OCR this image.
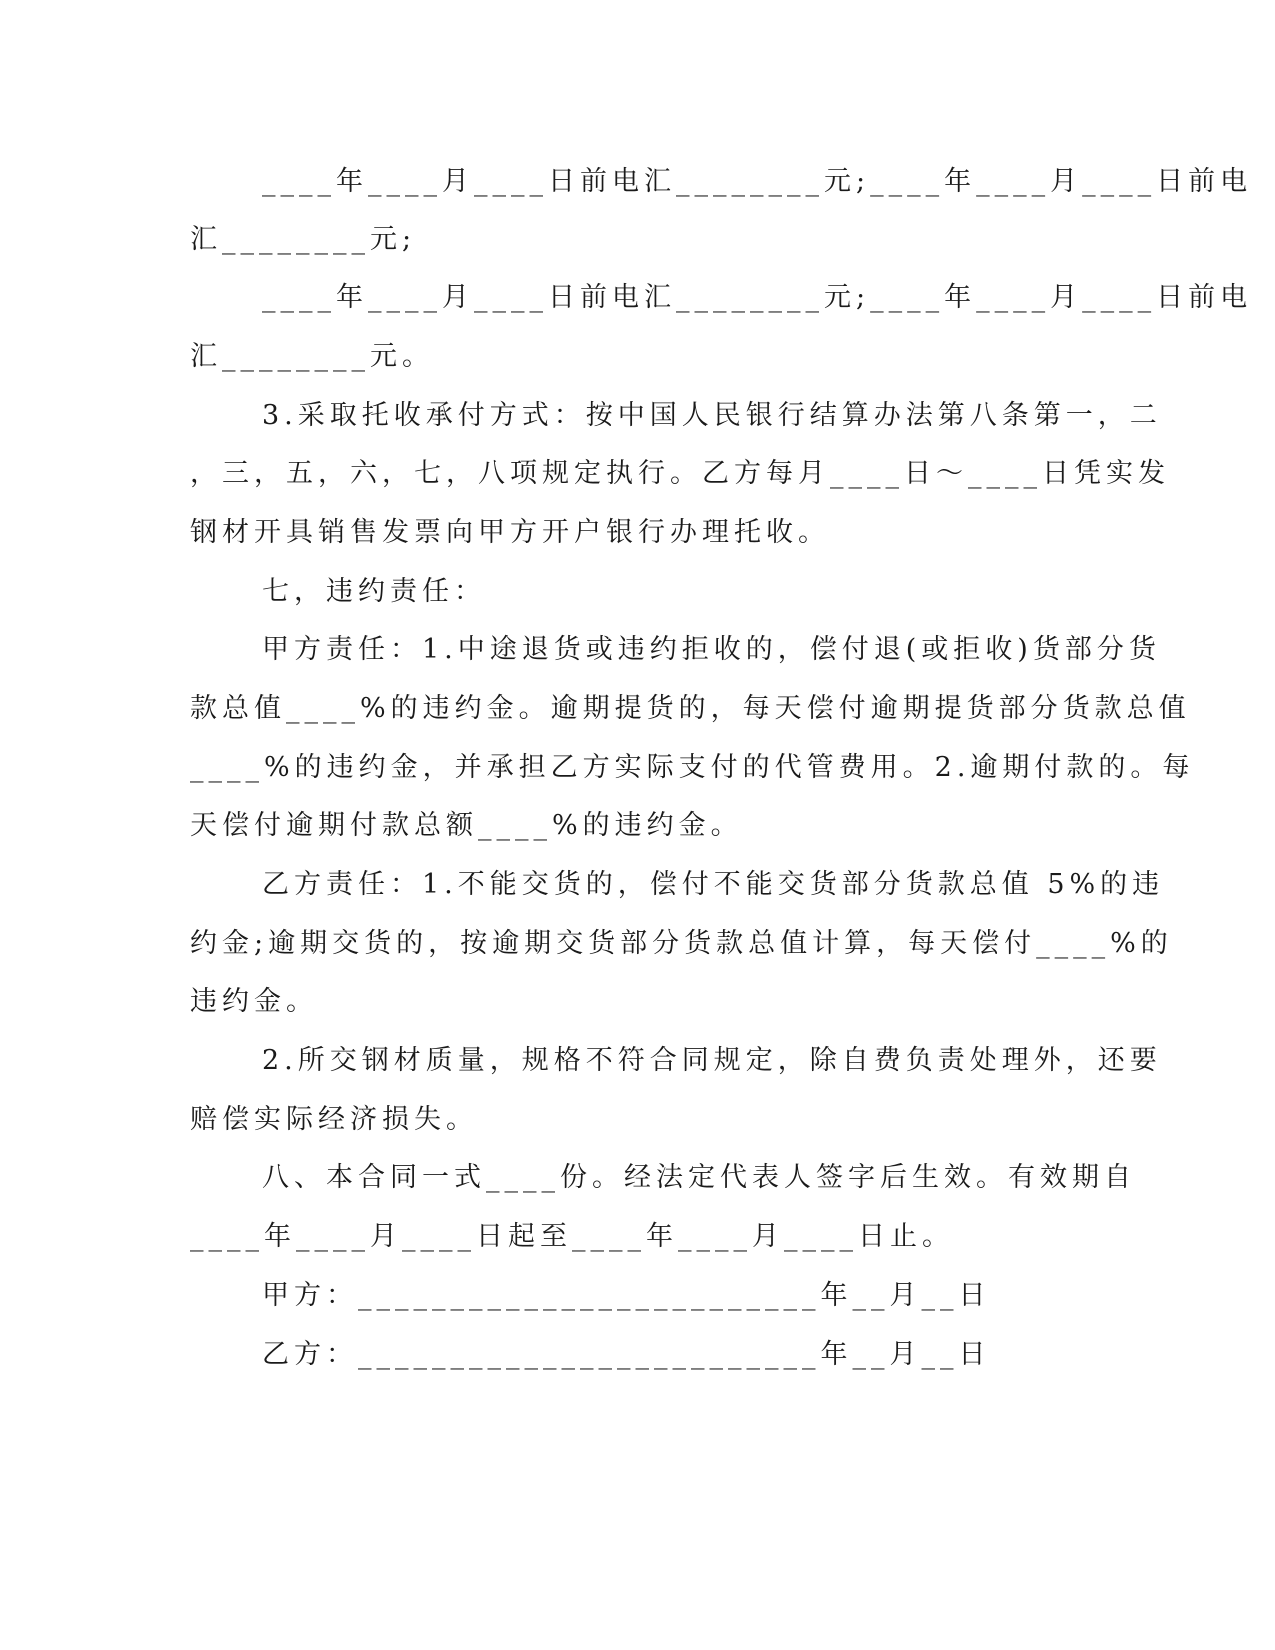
____年____月____日前电汇________元;____年____月____日前电
汇________元;
____年____月____日前电汇________元;____年____月____日前电
汇________元。
3.采取托收承付方式：按中国人民银行结算办法第八条第一，二
，三，五，六，七，八项规定执行。乙方每月____日～____日凭实发
钢材开具销售发票向甲方开户银行办理托收。
七，违约责任：
甲方责任：1.中途退货或违约拒收的，偿付退(或拒收)货部分货
款总值____%的违约金。逾期提货的，每天偿付逾期提货部分货款总值
____%的违约金，并承担乙方实际支付的代管费用。2.逾期付款的。每
天偿付逾期付款总额____%的违约金。
乙方责任：1.不能交货的，偿付不能交货部分货款总值 5%的违
约金;逾期交货的，按逾期交货部分货款总值计算，每天偿付____%的
违约金。
2.所交钢材质量，规格不符合同规定，除自费负责处理外，还要
赔偿实际经济损失。
八、本合同一式____份。经法定代表人签字后生效。有效期自
____年____月____日起至____年____月____日止。
甲方：_________________________年__月__日
乙方：_________________________年__月__日
